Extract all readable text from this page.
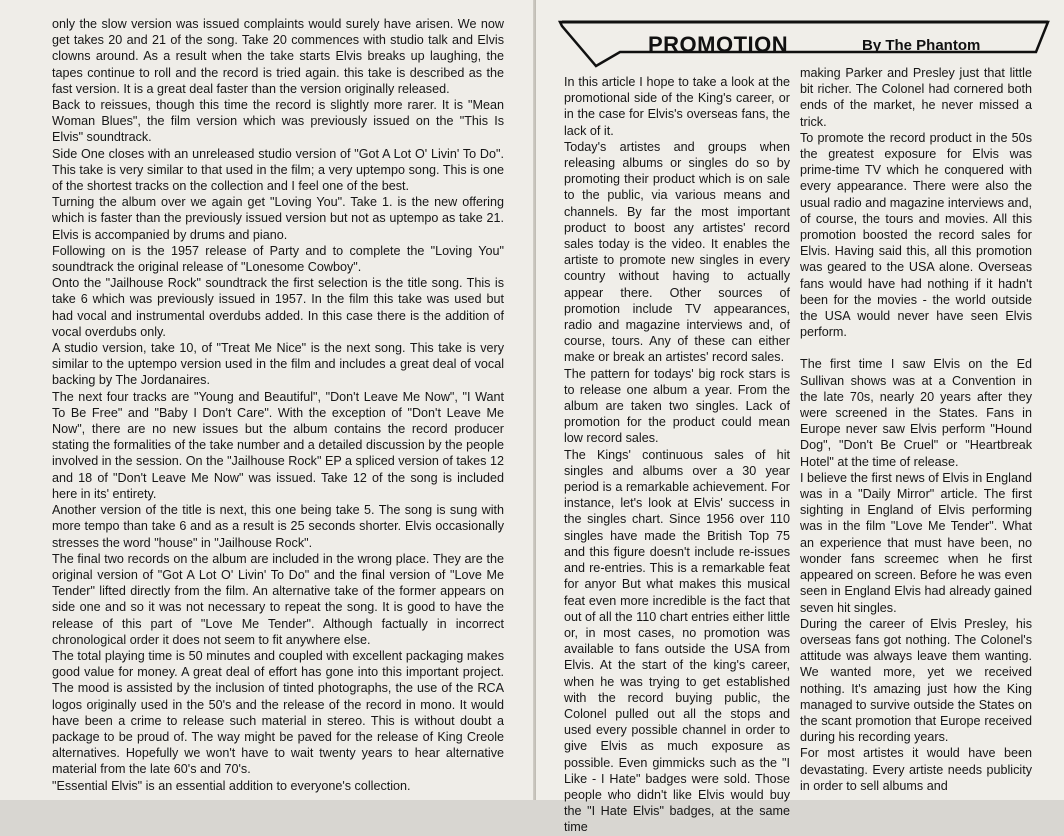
only the slow version was issued complaints would surely have arisen. We now get takes 20 and 21 of the song. Take 20 commences with studio talk and Elvis clowns around. As a result when the take starts Elvis breaks up laughing, the tapes continue to roll and the record is tried again. this take is described as the fast version. It is a great deal faster than the version originally released.

Back to reissues, though this time the record is slightly more rarer. It is "Mean Woman Blues", the film version which was previously issued on the "This Is Elvis" soundtrack.

Side One closes with an unreleased studio version of "Got A Lot O' Livin' To Do". This take is very similar to that used in the film; a very uptempo song. This is one of the shortest tracks on the collection and I feel one of the best.

Turning the album over we again get "Loving You". Take 1. is the new offering which is faster than the previously issued version but not as uptempo as take 21. Elvis is accompanied by drums and piano.

Following on is the 1957 release of Party and to complete the "Loving You" soundtrack the original release of "Lonesome Cowboy".

Onto the "Jailhouse Rock" soundtrack the first selection is the title song. This is take 6 which was previously issued in 1957. In the film this take was used but had vocal and instrumental overdubs added. In this case there is the addition of vocal overdubs only.

A studio version, take 10, of "Treat Me Nice" is the next song. This take is very similar to the uptempo version used in the film and includes a great deal of vocal backing by The Jordanaires.

The next four tracks are "Young and Beautiful", "Don't Leave Me Now", "I Want To Be Free" and "Baby I Don't Care". With the exception of "Don't Leave Me Now", there are no new issues but the album contains the record producer stating the formalities of the take number and a detailed discussion by the people involved in the session. On the "Jailhouse Rock" EP a spliced version of takes 12 and 18 of "Don't Leave Me Now" was issued. Take 12 of the song is included here in its' entirety.

Another version of the title is next, this one being take 5. The song is sung with more tempo than take 6 and as a result is 25 seconds shorter. Elvis occasionally stresses the word "house" in "Jailhouse Rock".

The final two records on the album are included in the wrong place. They are the original version of "Got A Lot O' Livin' To Do" and the final version of "Love Me Tender" lifted directly from the film. An alternative take of the former appears on side one and so it was not necessary to repeat the song. It is good to have the release of this part of "Love Me Tender". Although factually in incorrect chronological order it does not seem to fit anywhere else.

The total playing time is 50 minutes and coupled with excellent packaging makes good value for money. A great deal of effort has gone into this important project. The mood is assisted by the inclusion of tinted photographs, the use of the RCA logos originally used in the 50's and the release of the record in mono. It would have been a crime to release such material in stereo. This is without doubt a package to be proud of. The way might be paved for the release of King Creole alternatives. Hopefully we won't have to wait twenty years to hear alternative material from the late 60's and 70's.

"Essential Elvis" is an essential addition to everyone's collection.

PROMOTION	By The Phantom

In this article I hope to take a look at the promotional side of the King's career, or in the case for Elvis's overseas fans, the lack of it.

Today's artistes and groups when releasing albums or singles do so by promoting their product which is on sale to the public, via various means and channels. By far the most important product to boost any artistes' record sales today is the video. It enables the artiste to promote new singles in every country without having to actually appear there. Other sources of promotion include TV appearances, radio and magazine interviews and, of course, tours. Any of these can either make or break an artistes' record sales.

The pattern for todays' big rock stars is to release one album a year. From the album are taken two singles. Lack of promotion for the product could mean low record sales.

The Kings' continuous sales of hit singles and albums over a 30 year period is a remarkable achievement. For instance, let's look at Elvis' success in the singles chart. Since 1956 over 110 singles have made the British Top 75 and this figure doesn't include re-issues and re-entries. This is a remarkable feat for anyor But what makes this musical feat even more incredible is the fact that out of all the 110 chart entries either little or, in most cases, no promotion was available to fans outside the USA from Elvis. At the start of the king's career, when he was trying to get established with the record buying public, the Colonel pulled out all the stops and used every possible channel in order to give Elvis as much exposure as possible. Even gimmicks such as the "I Like - I Hate" badges were sold. Those people who didn't like Elvis would buy the "I Hate Elvis" badges, at the same time

making Parker and Presley just that little bit richer. The Colonel had cornered both ends of the market, he never missed a trick.

To promote the record product in the 50s the greatest exposure for Elvis was prime-time TV which he conquered with every appearance. There were also the usual radio and magazine interviews and, of course, the tours and movies. All this promotion boosted the record sales for Elvis. Having said this, all this promotion was geared to the USA alone. Overseas fans would have had nothing if it hadn't been for the movies - the world outside the USA would never have seen Elvis perform.

The first time I saw Elvis on the Ed Sullivan shows was at a Convention in the late 70s, nearly 20 years after they were screened in the States. Fans in Europe never saw Elvis perform "Hound Dog", "Don't Be Cruel" or "Heartbreak Hotel" at the time of release.

I believe the first news of Elvis in England was in a "Daily Mirror" article. The first sighting in England of Elvis performing was in the film "Love Me Tender". What an experience that must have been, no wonder fans screemec when he first appeared on screen. Before he was even seen in England Elvis had already gained seven hit singles.

During the career of Elvis Presley, his overseas fans got nothing. The Colonel's attitude was always leave them wanting. We wanted more, yet we received nothing. It's amazing just how the King managed to survive outside the States on the scant promotion that Europe received during his recording years.

For most artistes it would have been devastating. Every artiste needs publicity in order to sell albums and
